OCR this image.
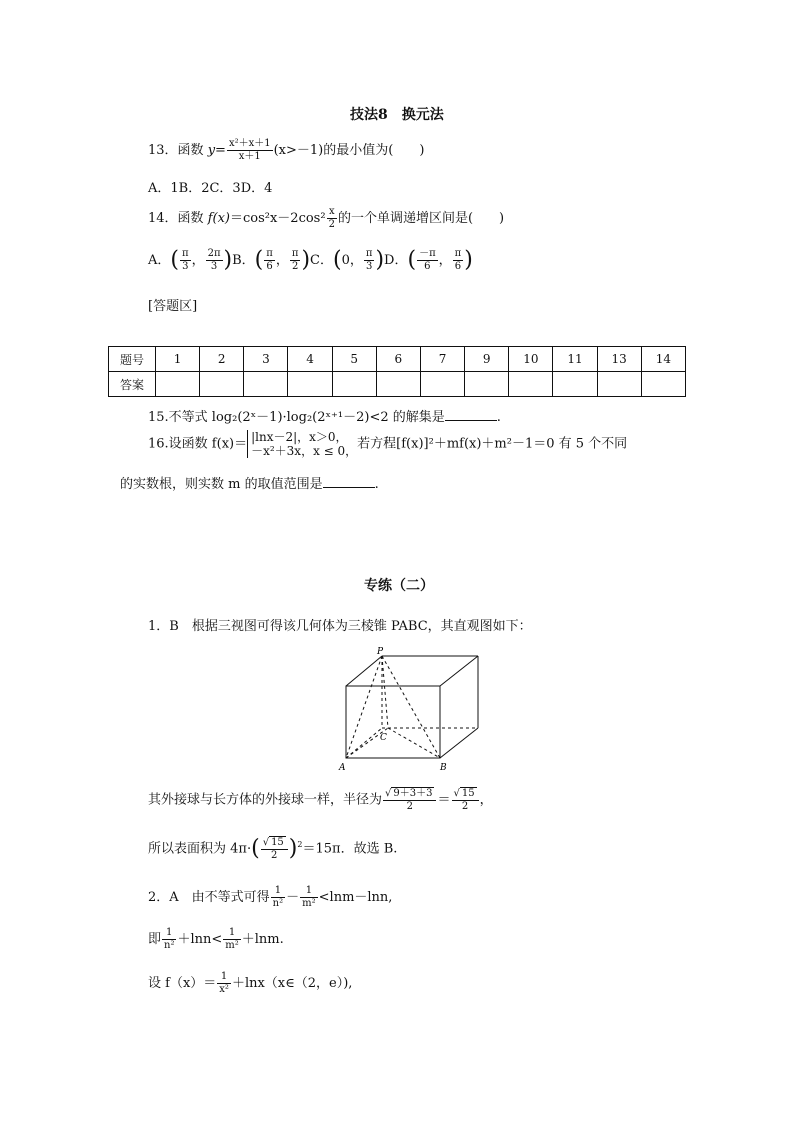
技法8　换元法
13．函数 $y= \frac{\text{x²＋x＋1}}{x+1} (x>-1)$的最小值为(　　)
A．1B．2C．3D．4
14．函数 $f(x)=\cos^2x-2\cos^2 \frac{x}{2}$ 的一个单调递增区间是(　　)
A．( $\frac{\pi}{3}$ ， $\frac{2\pi}{3} )B$．( $\frac{\pi}{6}$ ， $\frac{\pi}{2} )C$．(0， $\frac{\pi}{3} )D$．( $\frac{-\pi}{6}$ ， $\frac{\pi}{6}$ )
[答题区]
题号	1	2	3	4	5	6	7	9	10	11	13	14
答案												
15.不等式 log₂(2ˣ－1)·log₂(2ˣ⁺¹－2)<2 的解集是	.
16.设函数 f(x)＝ |lnx－2|，x＞0，
－x²＋3x，x ≤ 0， 若方程[f(x)]²＋mf(x)＋m²－1＝0 有 5 个不同
的实数根，则实数 m 的取值范围是	.
专练（二）
1．B　根据三视图可得该几何体为三棱锥 PABC，其直观图如下：
P
A	B
C
其外接球与长方体的外接球一样，半径为 $\frac{√ 9+3+3}{2} = \frac{√ 15}{2}$ ，
所以表面积为 $4\pi\cdot( \frac{√ 15}{2} )^2=15\pi$．故选 B.
2．A　由不等式可得 $\frac{1}{\text{n²}} - \frac{1}{\text{m²}} <\ln m-\ln n$,
即 $\frac{1}{\text{n²}} +\ln n< \frac{1}{\text{m²}} +\ln m$.
设 $f(x)= \frac{1}{\text{x²}}$ ＋lnx（x∈（2，e）),
